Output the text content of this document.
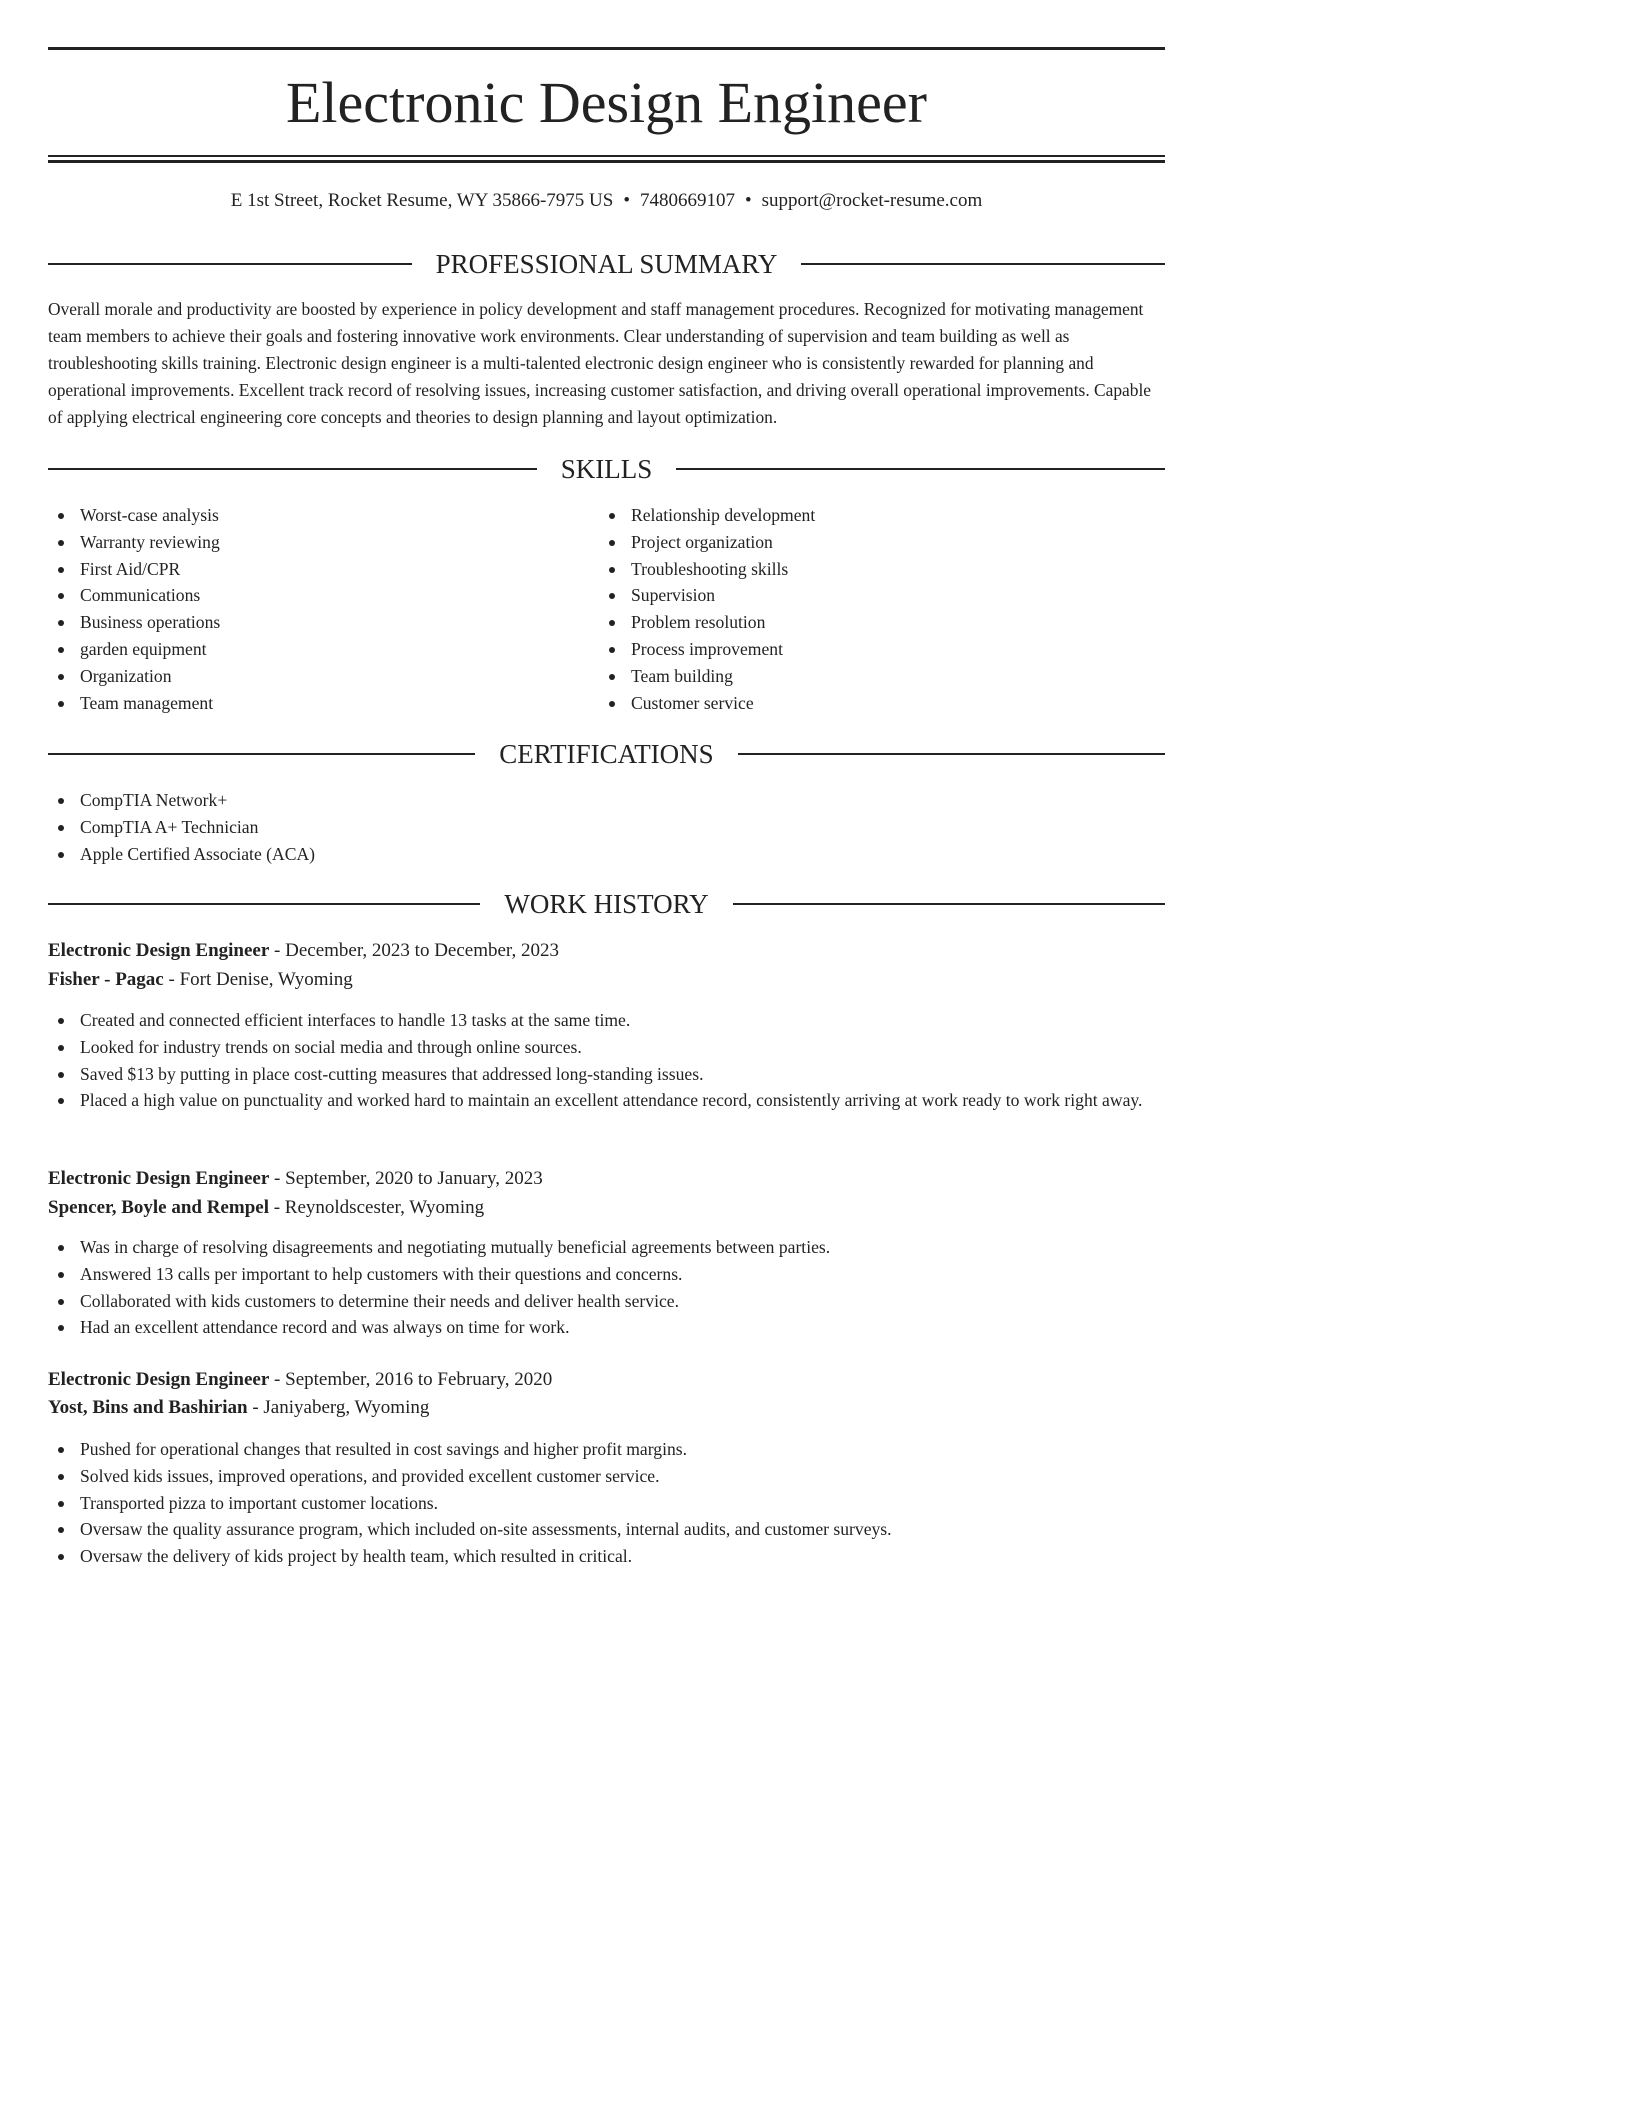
Electronic Design Engineer
E 1st Street, Rocket Resume, WY 35866-7975 US • 7480669107 • support@rocket-resume.com
PROFESSIONAL SUMMARY

Overall morale and productivity are boosted by experience in policy development and staff management procedures. Recognized for motivating management team members to achieve their goals and fostering innovative work environments. Clear understanding of supervision and team building as well as troubleshooting skills training. Electronic design engineer is a multi-talented electronic design engineer who is consistently rewarded for planning and operational improvements. Excellent track record of resolving issues, increasing customer satisfaction, and driving overall operational improvements. Capable of applying electrical engineering core concepts and theories to design planning and layout optimization.

SKILLS
Worst-case analysis
Warranty reviewing
First Aid/CPR
Communications
Business operations
garden equipment
Organization
Team management
Relationship development
Project organization
Troubleshooting skills
Supervision
Problem resolution
Process improvement
Team building
Customer service
CERTIFICATIONS
CompTIA Network+
CompTIA A+ Technician
Apple Certified Associate (ACA)
WORK HISTORY
Electronic Design Engineer - December, 2023 to December, 2023
Fisher - Pagac - Fort Denise, Wyoming
Created and connected efficient interfaces to handle 13 tasks at the same time.
Looked for industry trends on social media and through online sources.
Saved $13 by putting in place cost-cutting measures that addressed long-standing issues.
Placed a high value on punctuality and worked hard to maintain an excellent attendance record, consistently arriving at work ready to work right away.
Electronic Design Engineer - September, 2020 to January, 2023
Spencer, Boyle and Rempel - Reynoldscester, Wyoming
Was in charge of resolving disagreements and negotiating mutually beneficial agreements between parties.
Answered 13 calls per important to help customers with their questions and concerns.
Collaborated with kids customers to determine their needs and deliver health service.
Had an excellent attendance record and was always on time for work.
Electronic Design Engineer - September, 2016 to February, 2020
Yost, Bins and Bashirian - Janiyaberg, Wyoming
Pushed for operational changes that resulted in cost savings and higher profit margins.
Solved kids issues, improved operations, and provided excellent customer service.
Transported pizza to important customer locations.
Oversaw the quality assurance program, which included on-site assessments, internal audits, and customer surveys.
Oversaw the delivery of kids project by health team, which resulted in critical.
